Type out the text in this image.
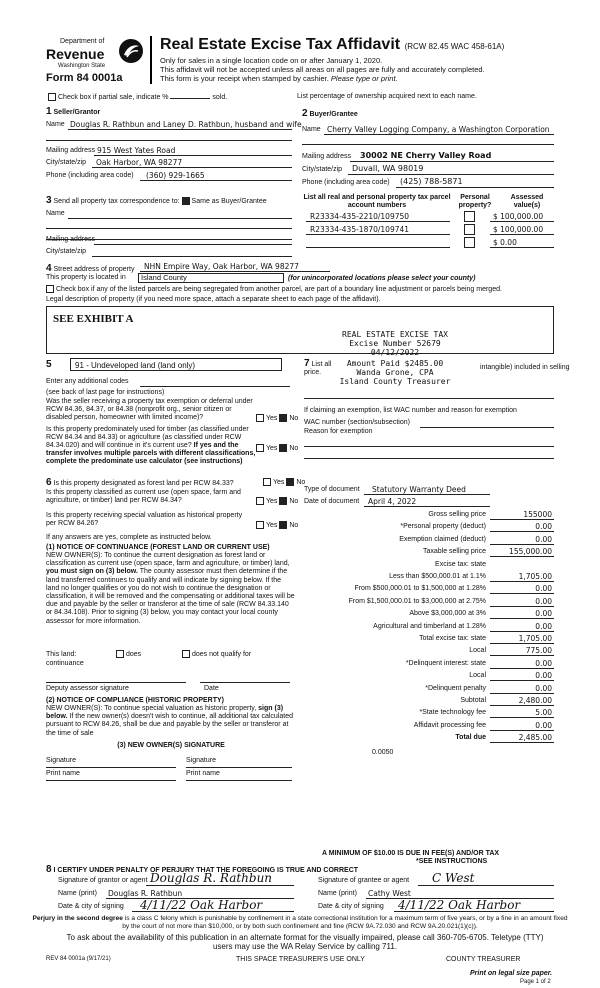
Department of
Revenue
Washington State
Form 84 0001a
Real Estate Excise Tax Affidavit (RCW 82.45 WAC 458-61A)
Only for sales in a single location code on or after January 1, 2020.
This affidavit will not be accepted unless all areas on all pages are fully and accurately completed.
This form is your receipt when stamped by cashier. Please type or print.
Check box if partial sale, indicate %	sold.	List percentage of ownership acquired next to each name.
1 Seller/Grantor
Name Douglas R. Rathbun and Laney D. Rathbun, husband and wife
Mailing address 915 West Yates Road
City/state/zip Oak Harbor, WA 98277
Phone (including area code) (360) 929-1665
2 Buyer/Grantee
Name Cherry Valley Logging Company, a Washington Corporation
Mailing address 30002 NE Cherry Valley Road
City/state/zip Duvall, WA 98019
Phone (including area code) (425) 788-5871
3 Send all property tax correspondence to: Same as Buyer/Grantee
Name
Mailing address
City/state/zip
List all real and personal property tax parcel account numbers
Personal property?
Assessed value(s)
R23334-435-2210/109750	$ 100,000.00
R23334-435-1870/109741	$ 100,000.00
$ 0.00
4 Street address of property NHN Empire Way, Oak Harbor, WA 98277
This property is located in	Island County	(for unincorporated locations please select your county)
Check box if any of the listed parcels are being segregated from another parcel, are part of a boundary line adjustment or parcels being merged.
Legal description of property (if you need more space, attach a separate sheet to each page of the affidavit).
SEE EXHIBIT A
REAL ESTATE EXCISE TAX
Excise Number 52679
04/12/2022
Amount Paid $2485.00
Wanda Grone, CPA
Island County Treasurer
5	91 - Undeveloped land (land only)
Enter any additional codes
(see back of last page for instructions)
Was the seller receiving a property tax exemption or deferral under RCW 84.36, 84.37, or 84.38 (nonprofit org., senior citizen or disabled person, homeowner with limited income)?	Yes No
Is this property predominately used for timber (as classified under RCW 84.34 and 84.33) or agriculture (as classified under RCW 84.34.020) and will continue in it's current use? If yes and the transfer involves multiple parcels with different classifications, complete the predominate use calculator (see instructions)
Yes No
7 List all
price.
intangible) included in selling
If claiming an exemption, list WAC number and reason for exemption
WAC number (section/subsection)
Reason for exemption
6 Is this property designated as forest land per RCW 84.33?	Yes No
Is this property classified as current use (open space, farm and agriculture, or timber) land per RCW 84.34?	Yes No
Is this property receiving special valuation as historical property per RCW 84.26?	Yes No
If any answers are yes, complete as instructed below.
(1) NOTICE OF CONTINUANCE (FOREST LAND OR CURRENT USE)
NEW OWNER(S): To continue the current designation as forest land or classification as current use (open space, farm and agriculture, or timber) land, you must sign on (3) below. The county assessor must then determine if the land transferred continues to qualify and will indicate by signing below. If the land no longer qualifies or you do not wish to continue the designation or classification, it will be removed and the compensating or additional taxes will be due and payable by the seller or transferor at the time of sale (RCW 84.33.140 or 84.34.108). Prior to signing (3) below, you may contact your local county assessor for more information.
This land:
continuance
does	does not qualify for
Deputy assessor signature	Date
(2) NOTICE OF COMPLIANCE (HISTORIC PROPERTY)
NEW OWNER(S): To continue special valuation as historic property, sign (3) below. If the new owner(s) doesn't wish to continue, all additional tax calculated pursuant to RCW 84.26, shall be due and payable by the seller or transferor at the time of sale
(3) NEW OWNER(S) SIGNATURE
Signature	Signature
Print name	Print name
Type of document Statutory Warranty Deed
Date of document April 4, 2022
Gross selling price	155000
*Personal property (deduct)	0.00
Exemption claimed (deduct)	0.00
Taxable selling price	155,000.00
Excise tax: state
Less than $500,000.01 at 1.1%	1,705.00
From $500,000.01 to $1,500,000 at 1.28%	0.00
From $1,500,000.01 to $3,000,000 at 2.75%	0.00
Above $3,000,000 at 3%	0.00
Agricultural and timberland at 1.28%	0.00
Total excise tax: state	1,705.00
Local	775.00
*Delinquent interest: state	0.00
Local	0.00
*Delinquent penalty	0.00
Subtotal	2,480.00
*State technology fee	5.00
Affidavit processing fee	0.00
Total due	2,485.00
0.0050
A MINIMUM OF $10.00 IS DUE IN FEE(S) AND/OR TAX
*SEE INSTRUCTIONS
8 I CERTIFY UNDER PENALTY OF PERJURY THAT THE FOREGOING IS TRUE AND CORRECT
Signature of grantor or agent Douglas R. Rathbun
Name (print) Douglas R. Rathbun
Date & city of signing 4/11/22 Oak Harbor
Signature of grantee or agent C West
Name (print) Cathy West
Date & city of signing 4/11/22 Oak Harbor
Perjury in the second degree is a class C felony which is punishable by confinement in a state correctional institution for a maximum term of five years, or by a fine in an amount fixed by the court of not more than $10,000, or by both such confinement and fine (RCW 9A.72.030 and RCW 9A.20.021(1)(c)).
To ask about the availability of this publication in an alternate format for the visually impaired, please call 360-705-6705. Teletype (TTY) users may use the WA Relay Service by calling 711.
REV 84 0001a (9/17/21)	THIS SPACE TREASURER'S USE ONLY	COUNTY TREASURER
Print on legal size paper.
Page 1 of 2
